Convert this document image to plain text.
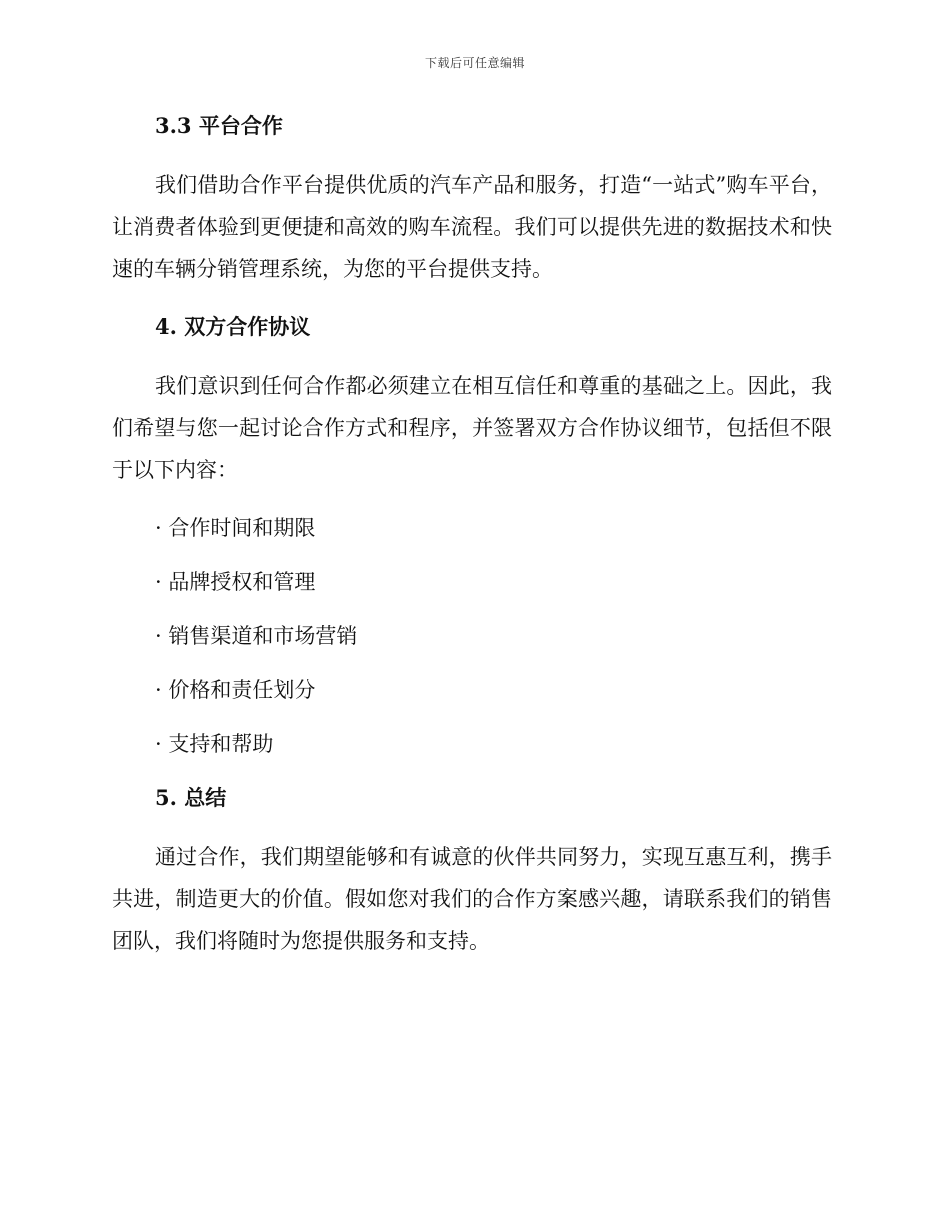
下载后可任意编辑
3.3 平台合作

我们借助合作平台提供优质的汽车产品和服务，打造“一站式”购车平台，让消费者体验到更便捷和高效的购车流程。我们可以提供先进的数据技术和快速的车辆分销管理系统，为您的平台提供支持。

4. 双方合作协议

我们意识到任何合作都必须建立在相互信任和尊重的基础之上。因此，我们希望与您一起讨论合作方式和程序，并签署双方合作协议细节，包括但不限于以下内容：

· 合作时间和期限
· 品牌授权和管理
· 销售渠道和市场营销
· 价格和责任划分
· 支持和帮助
5. 总结

通过合作，我们期望能够和有诚意的伙伴共同努力，实现互惠互利，携手共进，制造更大的价值。假如您对我们的合作方案感兴趣，请联系我们的销售团队，我们将随时为您提供服务和支持。
